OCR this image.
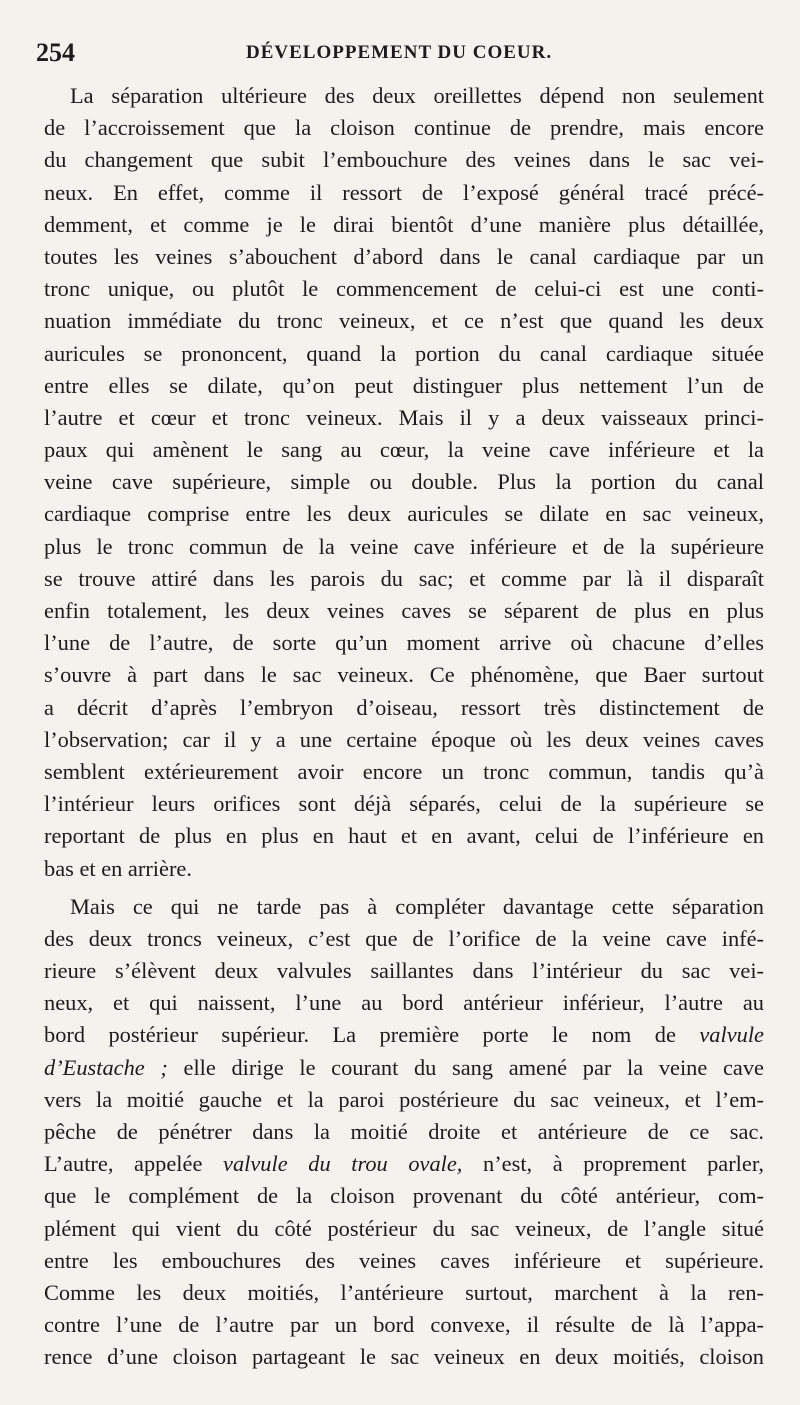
254	DÉVELOPPEMENT DU COEUR.
La séparation ultérieure des deux oreillettes dépend non seulement
de l’accroissement que la cloison continue de prendre, mais encore
du changement que subit l’embouchure des veines dans le sac vei-
neux. En effet, comme il ressort de l’exposé général tracé précé-
demment, et comme je le dirai bientôt d’une manière plus détaillée,
toutes les veines s’abouchent d’abord dans le canal cardiaque par un
tronc unique, ou plutôt le commencement de celui-ci est une conti-
nuation immédiate du tronc veineux, et ce n’est que quand les deux
auricules se prononcent, quand la portion du canal cardiaque située
entre elles se dilate, qu’on peut distinguer plus nettement l’un de
l’autre et cœur et tronc veineux. Mais il y a deux vaisseaux princi-
paux qui amènent le sang au cœur, la veine cave inférieure et la
veine cave supérieure, simple ou double. Plus la portion du canal
cardiaque comprise entre les deux auricules se dilate en sac veineux,
plus le tronc commun de la veine cave inférieure et de la supérieure
se trouve attiré dans les parois du sac; et comme par là il disparaît
enfin totalement, les deux veines caves se séparent de plus en plus
l’une de l’autre, de sorte qu’un moment arrive où chacune d’elles
s’ouvre à part dans le sac veineux. Ce phénomène, que Baer surtout
a décrit d’après l’embryon d’oiseau, ressort très distinctement de
l’observation; car il y a une certaine époque où les deux veines caves
semblent extérieurement avoir encore un tronc commun, tandis qu’à
l’intérieur leurs orifices sont déjà séparés, celui de la supérieure se
reportant de plus en plus en haut et en avant, celui de l’inférieure en
bas et en arrière.
Mais ce qui ne tarde pas à compléter davantage cette séparation
des deux troncs veineux, c’est que de l’orifice de la veine cave infé-
rieure s’élèvent deux valvules saillantes dans l’intérieur du sac vei-
neux, et qui naissent, l’une au bord antérieur inférieur, l’autre au
bord postérieur supérieur. La première porte le nom de valvule
d’Eustache ; elle dirige le courant du sang amené par la veine cave
vers la moitié gauche et la paroi postérieure du sac veineux, et l’em-
pêche de pénétrer dans la moitié droite et antérieure de ce sac.
L’autre, appelée valvule du trou ovale, n’est, à proprement parler,
que le complément de la cloison provenant du côté antérieur, com-
plément qui vient du côté postérieur du sac veineux, de l’angle situé
entre les embouchures des veines caves inférieure et supérieure.
Comme les deux moitiés, l’antérieure surtout, marchent à la ren-
contre l’une de l’autre par un bord convexe, il résulte de là l’appa-
rence d’une cloison partageant le sac veineux en deux moitiés, cloison
